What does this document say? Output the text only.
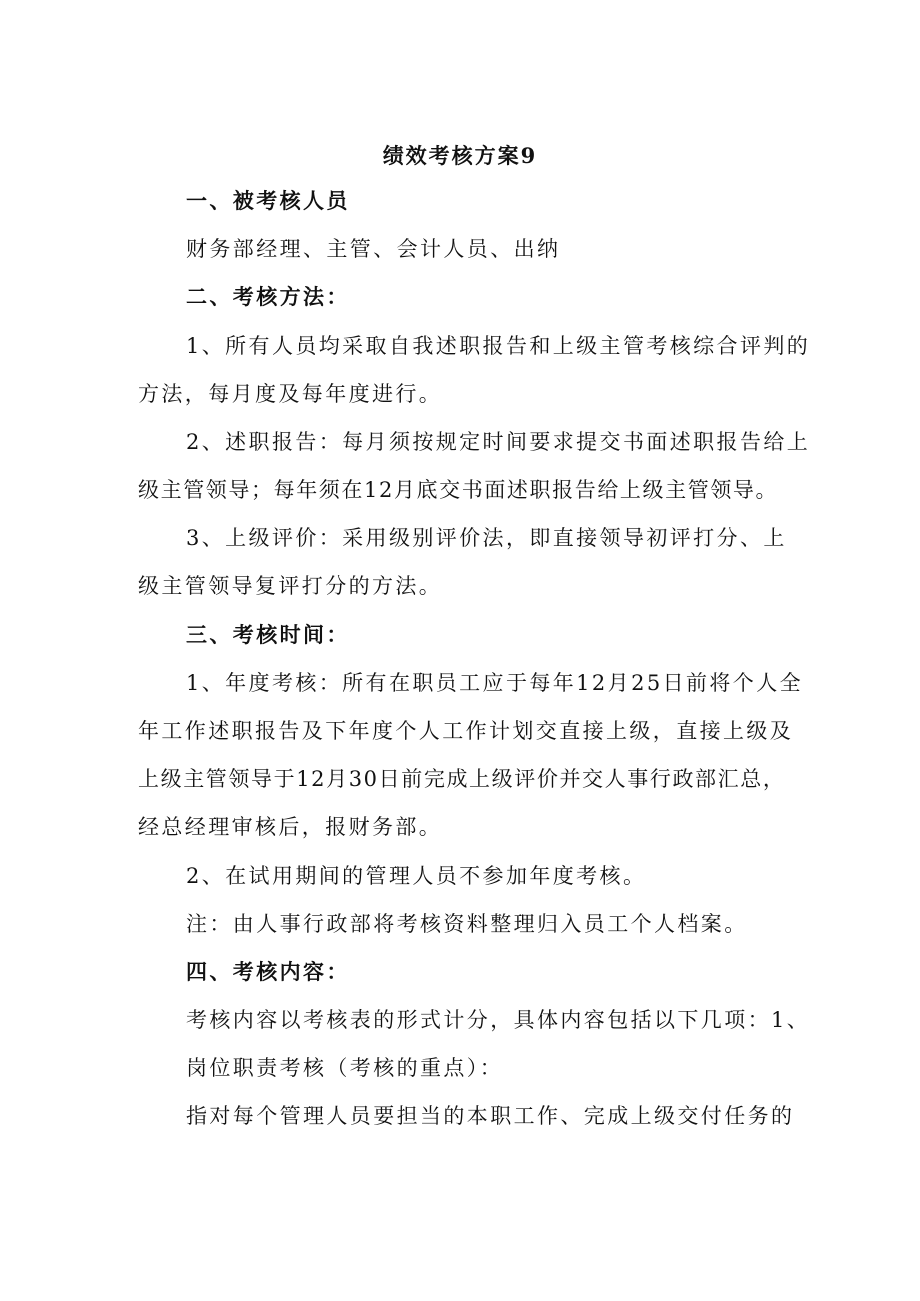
绩效考核方案9
一、被考核人员
财务部经理、主管、会计人员、出纳
二、考核方法：
1、所有人员均采取自我述职报告和上级主管考核综合评判的
方法，每月度及每年度进行。
2、述职报告：每月须按规定时间要求提交书面述职报告给上
级主管领导；每年须在12月底交书面述职报告给上级主管领导。
3、上级评价：采用级别评价法，即直接领导初评打分、上
级主管领导复评打分的方法。
三、考核时间：
1、年度考核：所有在职员工应于每年12月25日前将个人全
年工作述职报告及下年度个人工作计划交直接上级，直接上级及
上级主管领导于12月30日前完成上级评价并交人事行政部汇总，
经总经理审核后，报财务部。
2、在试用期间的管理人员不参加年度考核。
注：由人事行政部将考核资料整理归入员工个人档案。
四、考核内容：
考核内容以考核表的形式计分，具体内容包括以下几项：1、
岗位职责考核（考核的重点）：
指对每个管理人员要担当的本职工作、完成上级交付任务的
